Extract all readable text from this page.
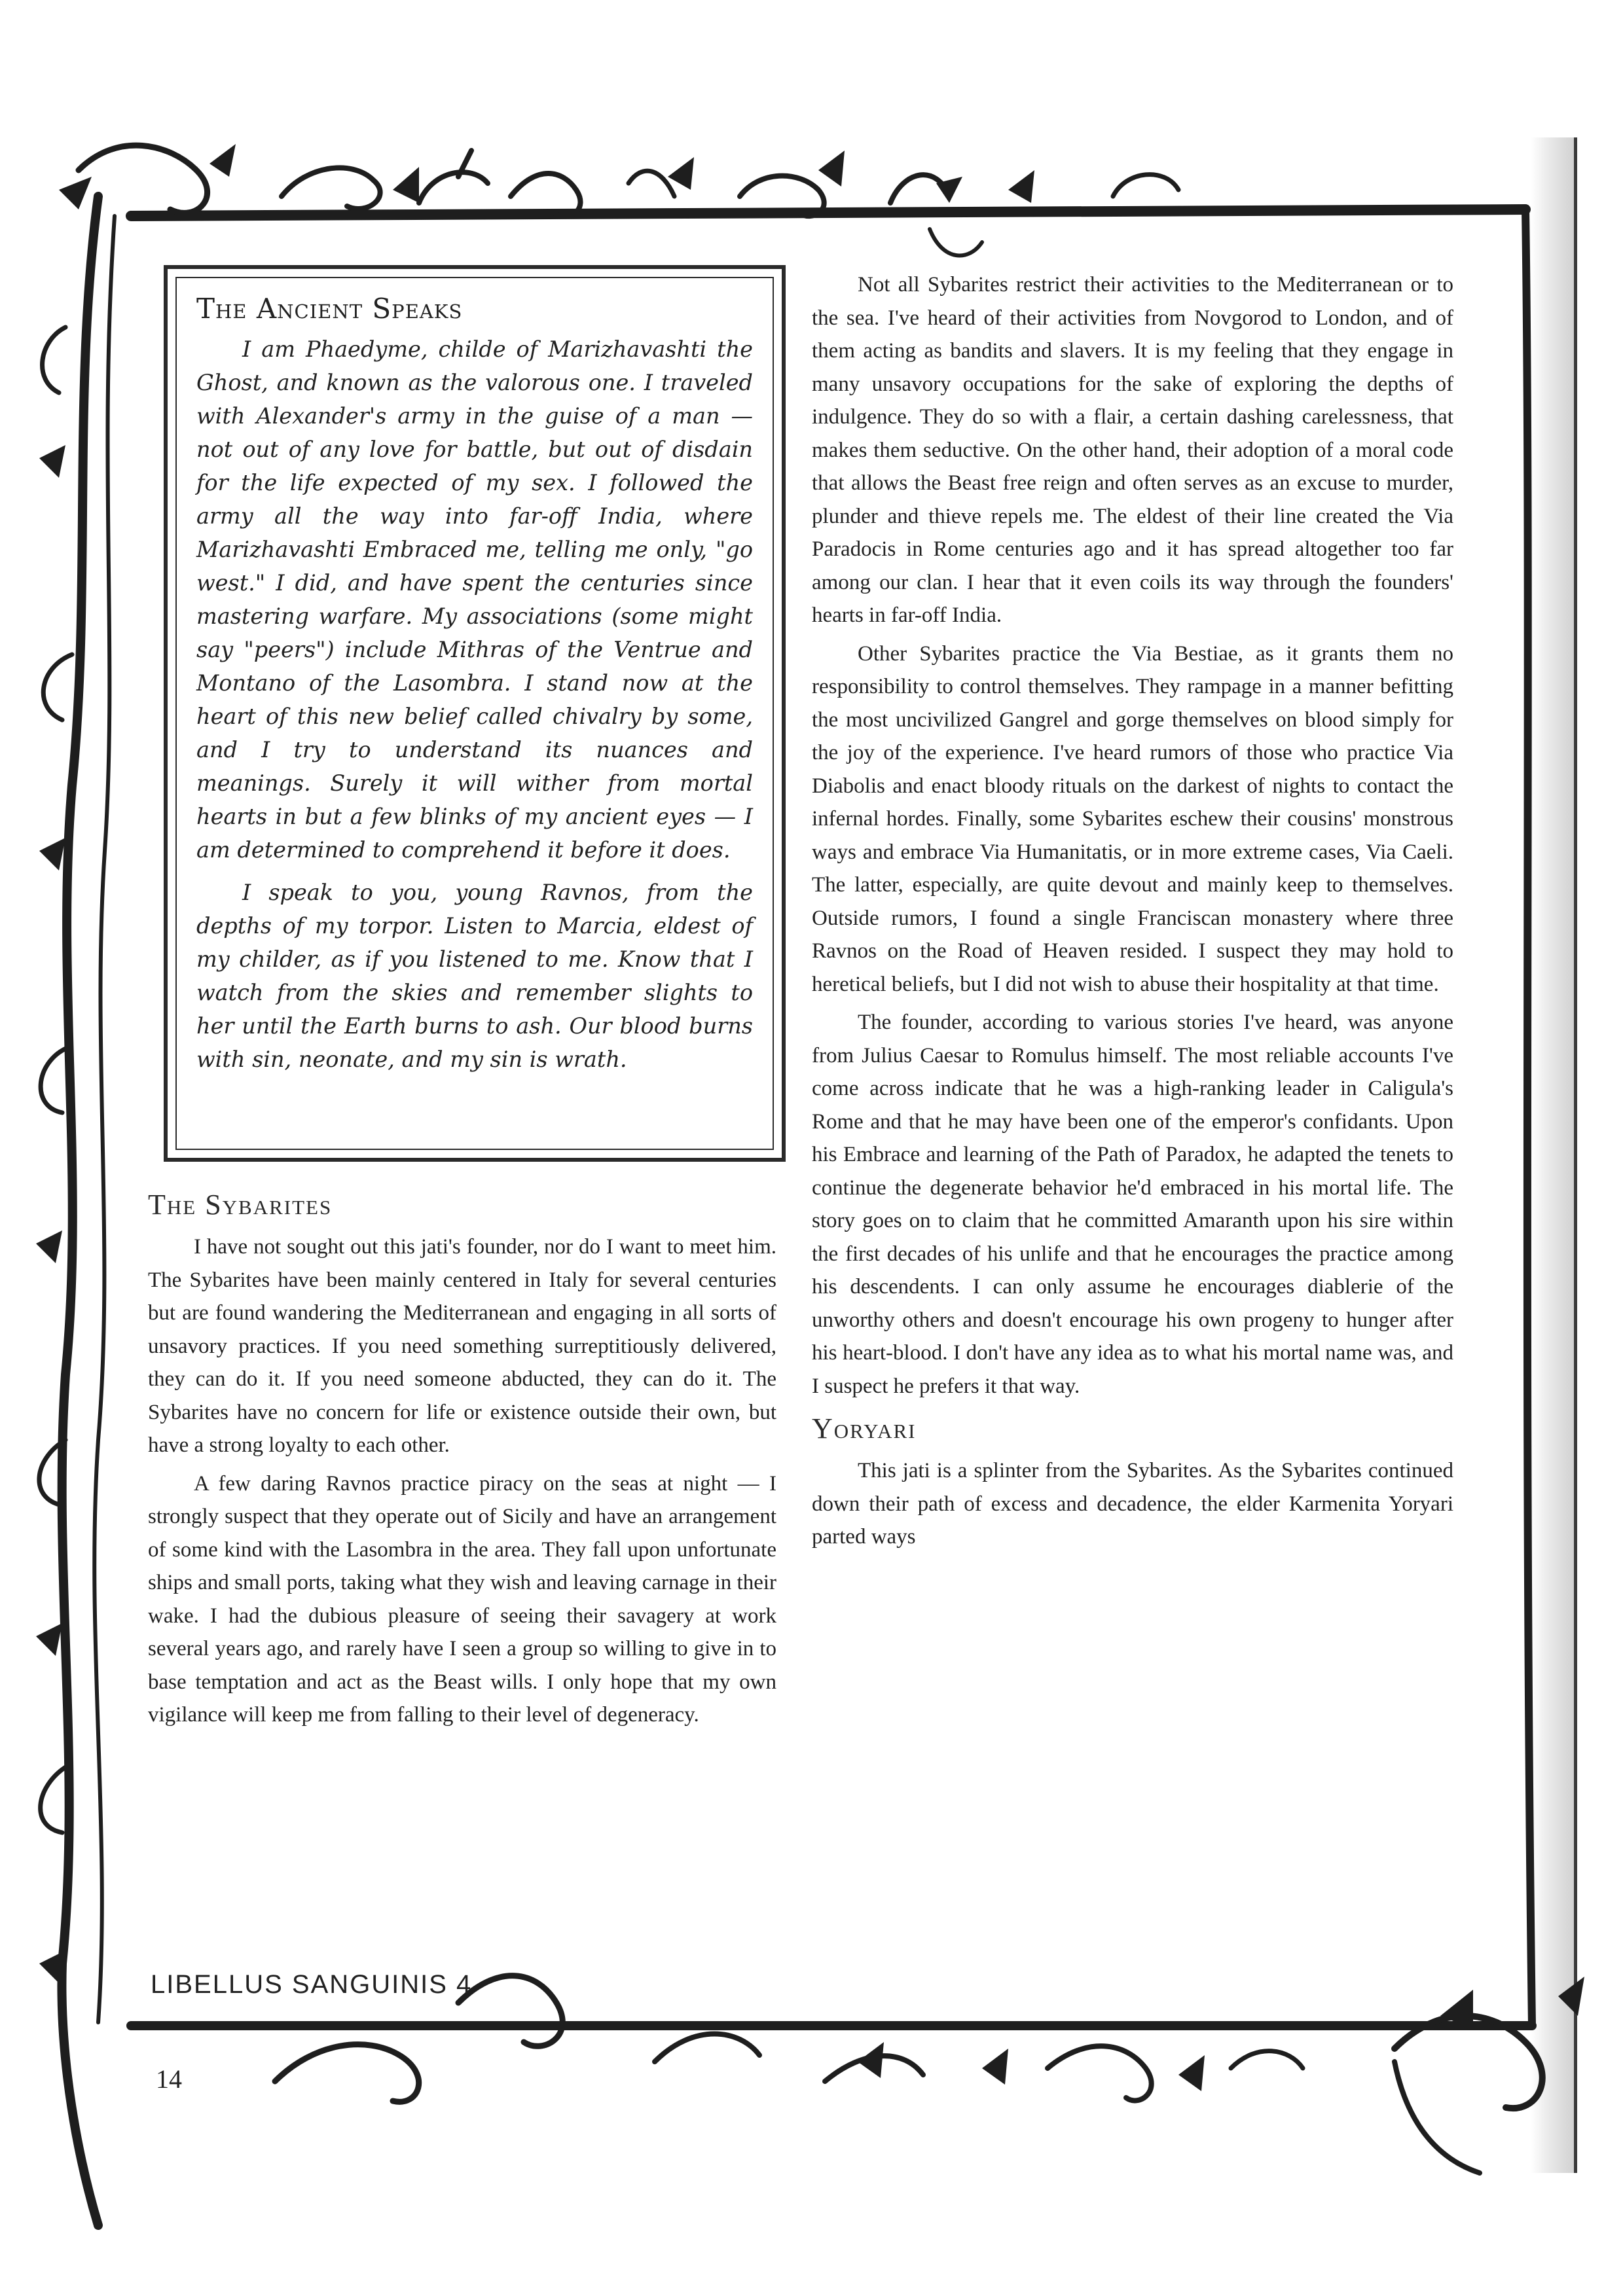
The Ancient Speaks

I am Phaedyme, childe of Marizhavashti the Ghost, and known as the valorous one. I traveled with Alexander's army in the guise of a man — not out of any love for battle, but out of disdain for the life expected of my sex. I followed the army all the way into far-off India, where Marizhavashti Embraced me, telling me only, "go west." I did, and have spent the centuries since mastering warfare. My associations (some might say "peers") include Mithras of the Ventrue and Montano of the Lasombra. I stand now at the heart of this new belief called chivalry by some, and I try to understand its nuances and meanings. Surely it will wither from mortal hearts in but a few blinks of my ancient eyes — I am determined to comprehend it before it does.

I speak to you, young Ravnos, from the depths of my torpor. Listen to Marcia, eldest of my childer, as if you listened to me. Know that I watch from the skies and remember slights to her until the Earth burns to ash. Our blood burns with sin, neonate, and my sin is wrath.

The Sybarites

I have not sought out this jati's founder, nor do I want to meet him. The Sybarites have been mainly centered in Italy for several centuries but are found wandering the Mediterranean and engaging in all sorts of unsavory practices. If you need something surreptitiously delivered, they can do it. If you need someone abducted, they can do it. The Sybarites have no concern for life or existence outside their own, but have a strong loyalty to each other.

A few daring Ravnos practice piracy on the seas at night — I strongly suspect that they operate out of Sicily and have an arrangement of some kind with the Lasombra in the area. They fall upon unfortunate ships and small ports, taking what they wish and leaving carnage in their wake. I had the dubious pleasure of seeing their savagery at work several years ago, and rarely have I seen a group so willing to give in to base temptation and act as the Beast wills. I only hope that my own vigilance will keep me from falling to their level of degeneracy.

Not all Sybarites restrict their activities to the Mediterranean or to the sea. I've heard of their activities from Novgorod to London, and of them acting as bandits and slavers. It is my feeling that they engage in many unsavory occupations for the sake of exploring the depths of indulgence. They do so with a flair, a certain dashing carelessness, that makes them seductive. On the other hand, their adoption of a moral code that allows the Beast free reign and often serves as an excuse to murder, plunder and thieve repels me. The eldest of their line created the Via Paradocis in Rome centuries ago and it has spread altogether too far among our clan. I hear that it even coils its way through the founders' hearts in far-off India.

Other Sybarites practice the Via Bestiae, as it grants them no responsibility to control themselves. They rampage in a manner befitting the most uncivilized Gangrel and gorge themselves on blood simply for the joy of the experience. I've heard rumors of those who practice Via Diabolis and enact bloody rituals on the darkest of nights to contact the infernal hordes. Finally, some Sybarites eschew their cousins' monstrous ways and embrace Via Humanitatis, or in more extreme cases, Via Caeli. The latter, especially, are quite devout and mainly keep to themselves. Outside rumors, I found a single Franciscan monastery where three Ravnos on the Road of Heaven resided. I suspect they may hold to heretical beliefs, but I did not wish to abuse their hospitality at that time.

The founder, according to various stories I've heard, was anyone from Julius Caesar to Romulus himself. The most reliable accounts I've come across indicate that he was a high-ranking leader in Caligula's Rome and that he may have been one of the emperor's confidants. Upon his Embrace and learning of the Path of Paradox, he adapted the tenets to continue the degenerate behavior he'd embraced in his mortal life. The story goes on to claim that he committed Amaranth upon his sire within the first decades of his unlife and that he encourages the practice among his descendents. I can only assume he encourages diablerie of the unworthy others and doesn't encourage his own progeny to hunger after his heart-blood. I don't have any idea as to what his mortal name was, and I suspect he prefers it that way.

Yoryari

This jati is a splinter from the Sybarites. As the Sybarites continued down their path of excess and decadence, the elder Karmenita Yoryari parted ways

LIBELLUS SANGUINIS 4
14
